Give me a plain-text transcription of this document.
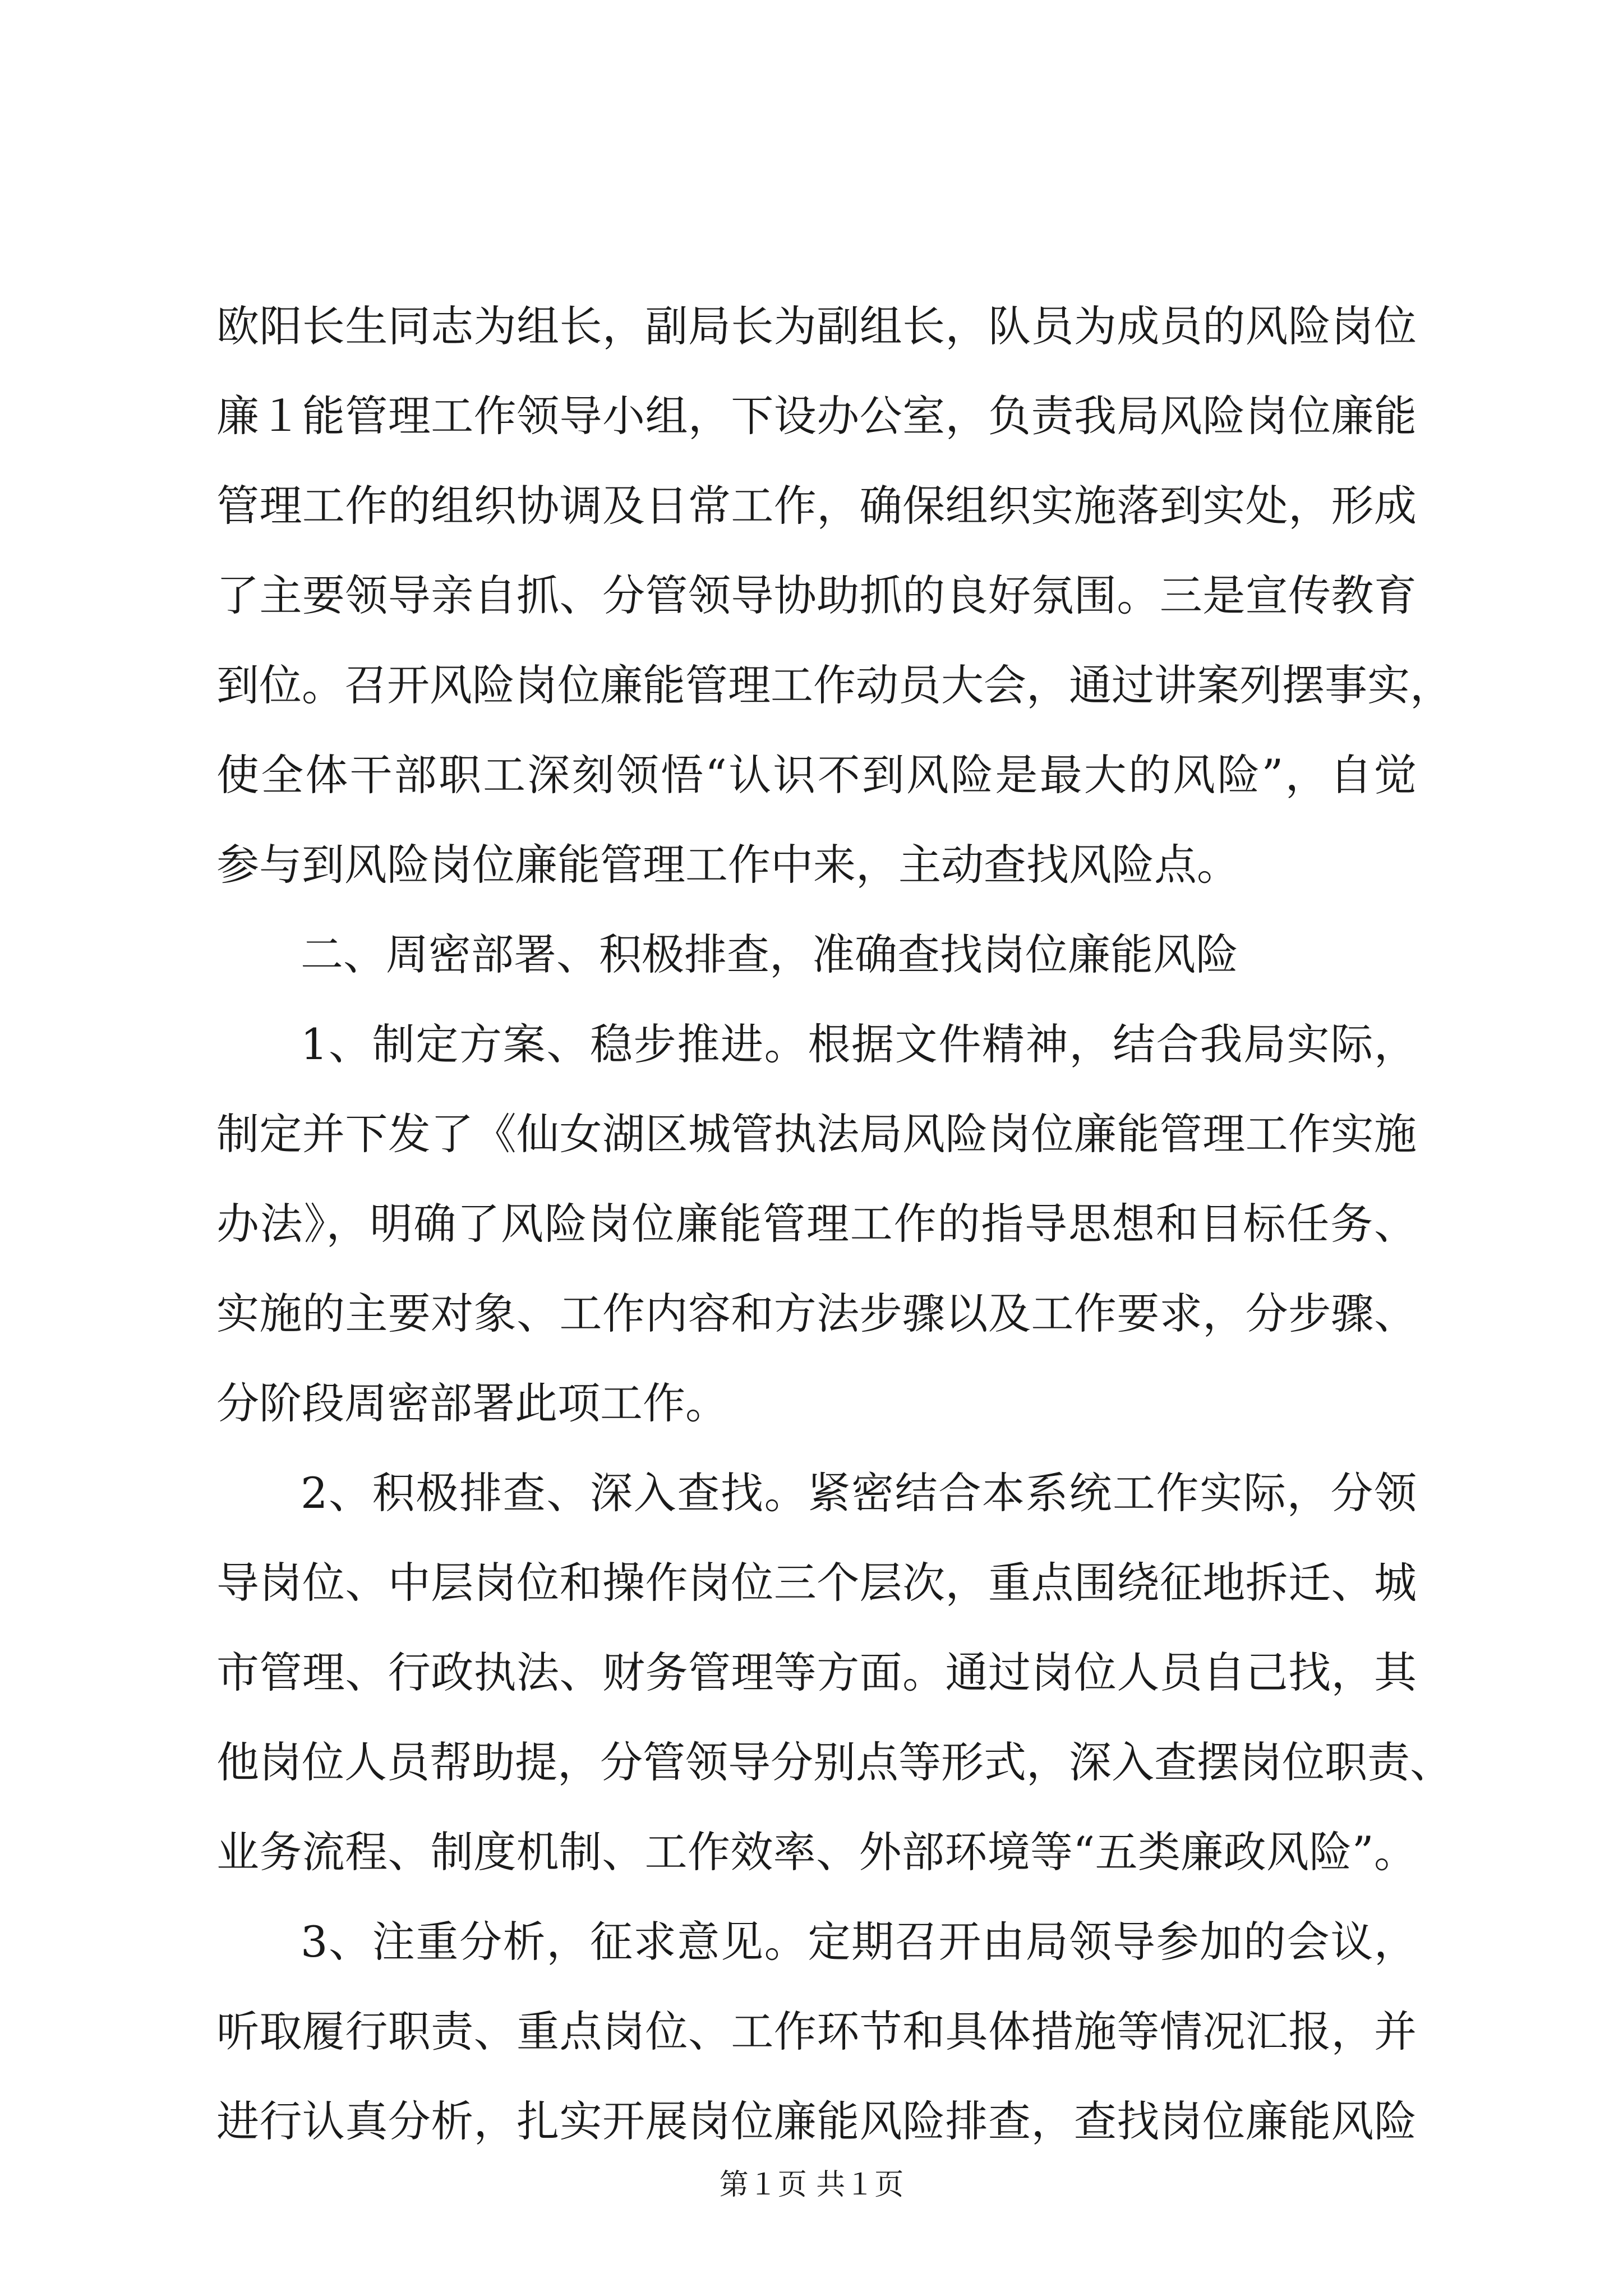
欧阳长生同志为组长，副局长为副组长，队员为成员的风险岗位
廉１能管理工作领导小组，下设办公室，负责我局风险岗位廉能
管理工作的组织协调及日常工作，确保组织实施落到实处，形成
了主要领导亲自抓、分管领导协助抓的良好氛围。三是宣传教育
到位。召开风险岗位廉能管理工作动员大会，通过讲案列摆事实，
使全体干部职工深刻领悟“认识不到风险是最大的风险”，自觉
参与到风险岗位廉能管理工作中来，主动查找风险点。
二、周密部署、积极排查，准确查找岗位廉能风险
1、制定方案、稳步推进。根据文件精神，结合我局实际，
制定并下发了《仙女湖区城管执法局风险岗位廉能管理工作实施
办法》，明确了风险岗位廉能管理工作的指导思想和目标任务、
实施的主要对象、工作内容和方法步骤以及工作要求，分步骤、
分阶段周密部署此项工作。
2、积极排查、深入查找。紧密结合本系统工作实际，分领
导岗位、中层岗位和操作岗位三个层次，重点围绕征地拆迁、城
市管理、行政执法、财务管理等方面。通过岗位人员自己找，其
他岗位人员帮助提，分管领导分别点等形式，深入查摆岗位职责、
业务流程、制度机制、工作效率、外部环境等“五类廉政风险”。
3、注重分析，征求意见。定期召开由局领导参加的会议，
听取履行职责、重点岗位、工作环节和具体措施等情况汇报，并
进行认真分析，扎实开展岗位廉能风险排查，查找岗位廉能风险
第１页 共１页
